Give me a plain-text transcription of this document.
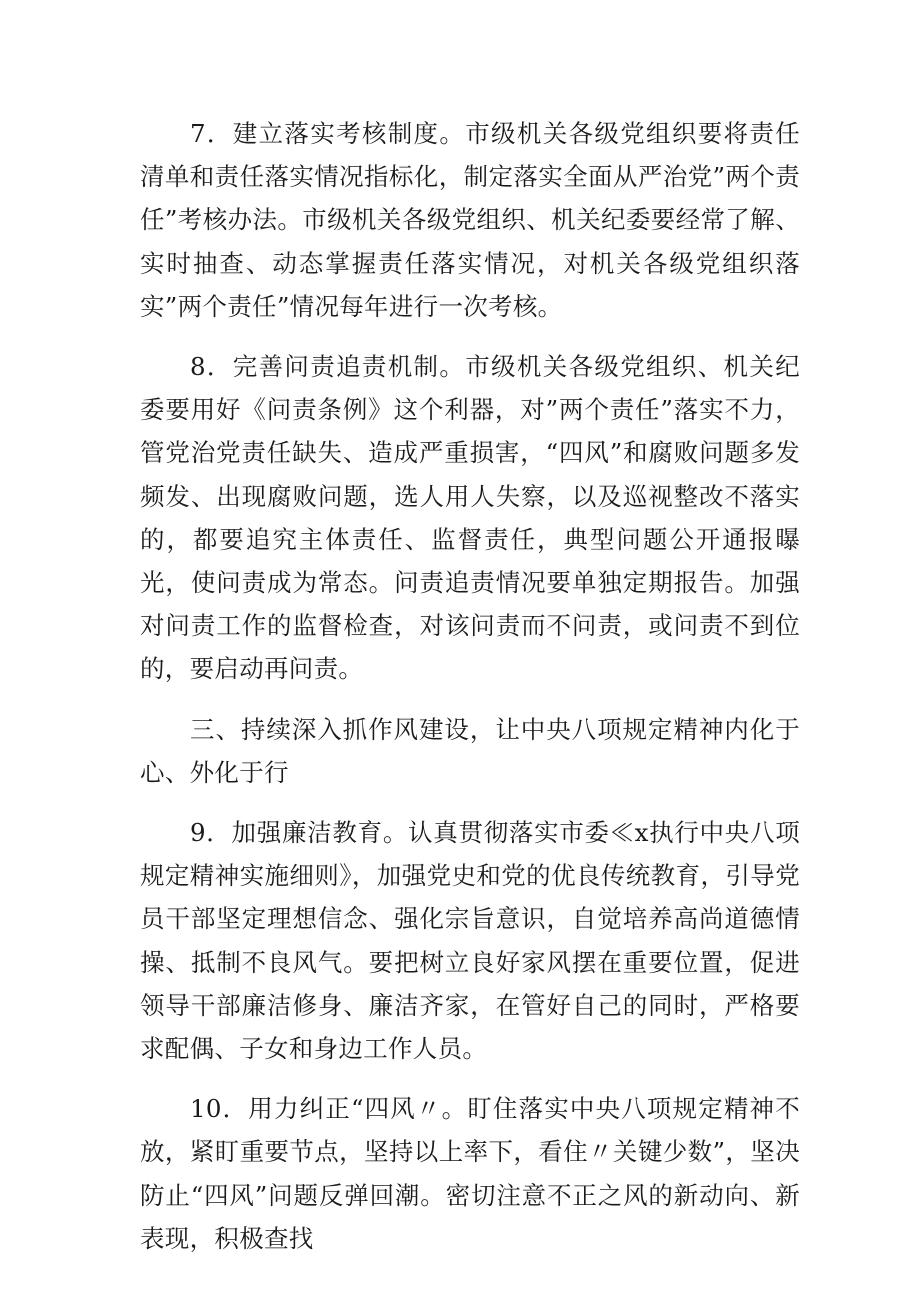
7．建立落实考核制度。市级机关各级党组织要将责任清单和责任落实情况指标化，制定落实全面从严治党”两个责任”考核办法。市级机关各级党组织、机关纪委要经常了解、实时抽查、动态掌握责任落实情况，对机关各级党组织落实”两个责任”情况每年进行一次考核。

8．完善问责追责机制。市级机关各级党组织、机关纪委要用好《问责条例》这个利器，对”两个责任”落实不力，管党治党责任缺失、造成严重损害，“四风”和腐败问题多发频发、出现腐败问题，选人用人失察，以及巡视整改不落实的，都要追究主体责任、监督责任，典型问题公开通报曝光，使问责成为常态。问责追责情况要单独定期报告。加强对问责工作的监督检查，对该问责而不问责，或问责不到位的，要启动再问责。

三、持续深入抓作风建设，让中央八项规定精神内化于心、外化于行

9．加强廉洁教育。认真贯彻落实市委≪x执行中央八项规定精神实施细则》，加强党史和党的优良传统教育，引导党员干部坚定理想信念、强化宗旨意识，自觉培养高尚道德情操、抵制不良风气。要把树立良好家风摆在重要位置，促进领导干部廉洁修身、廉洁齐家，在管好自己的同时，严格要求配偶、子女和身边工作人员。

10．用力纠正“四风〃。盯住落实中央八项规定精神不放，紧盯重要节点，坚持以上率下，看住〃关键少数”，坚决防止“四风”问题反弹回潮。密切注意不正之风的新动向、新表现，积极查找
